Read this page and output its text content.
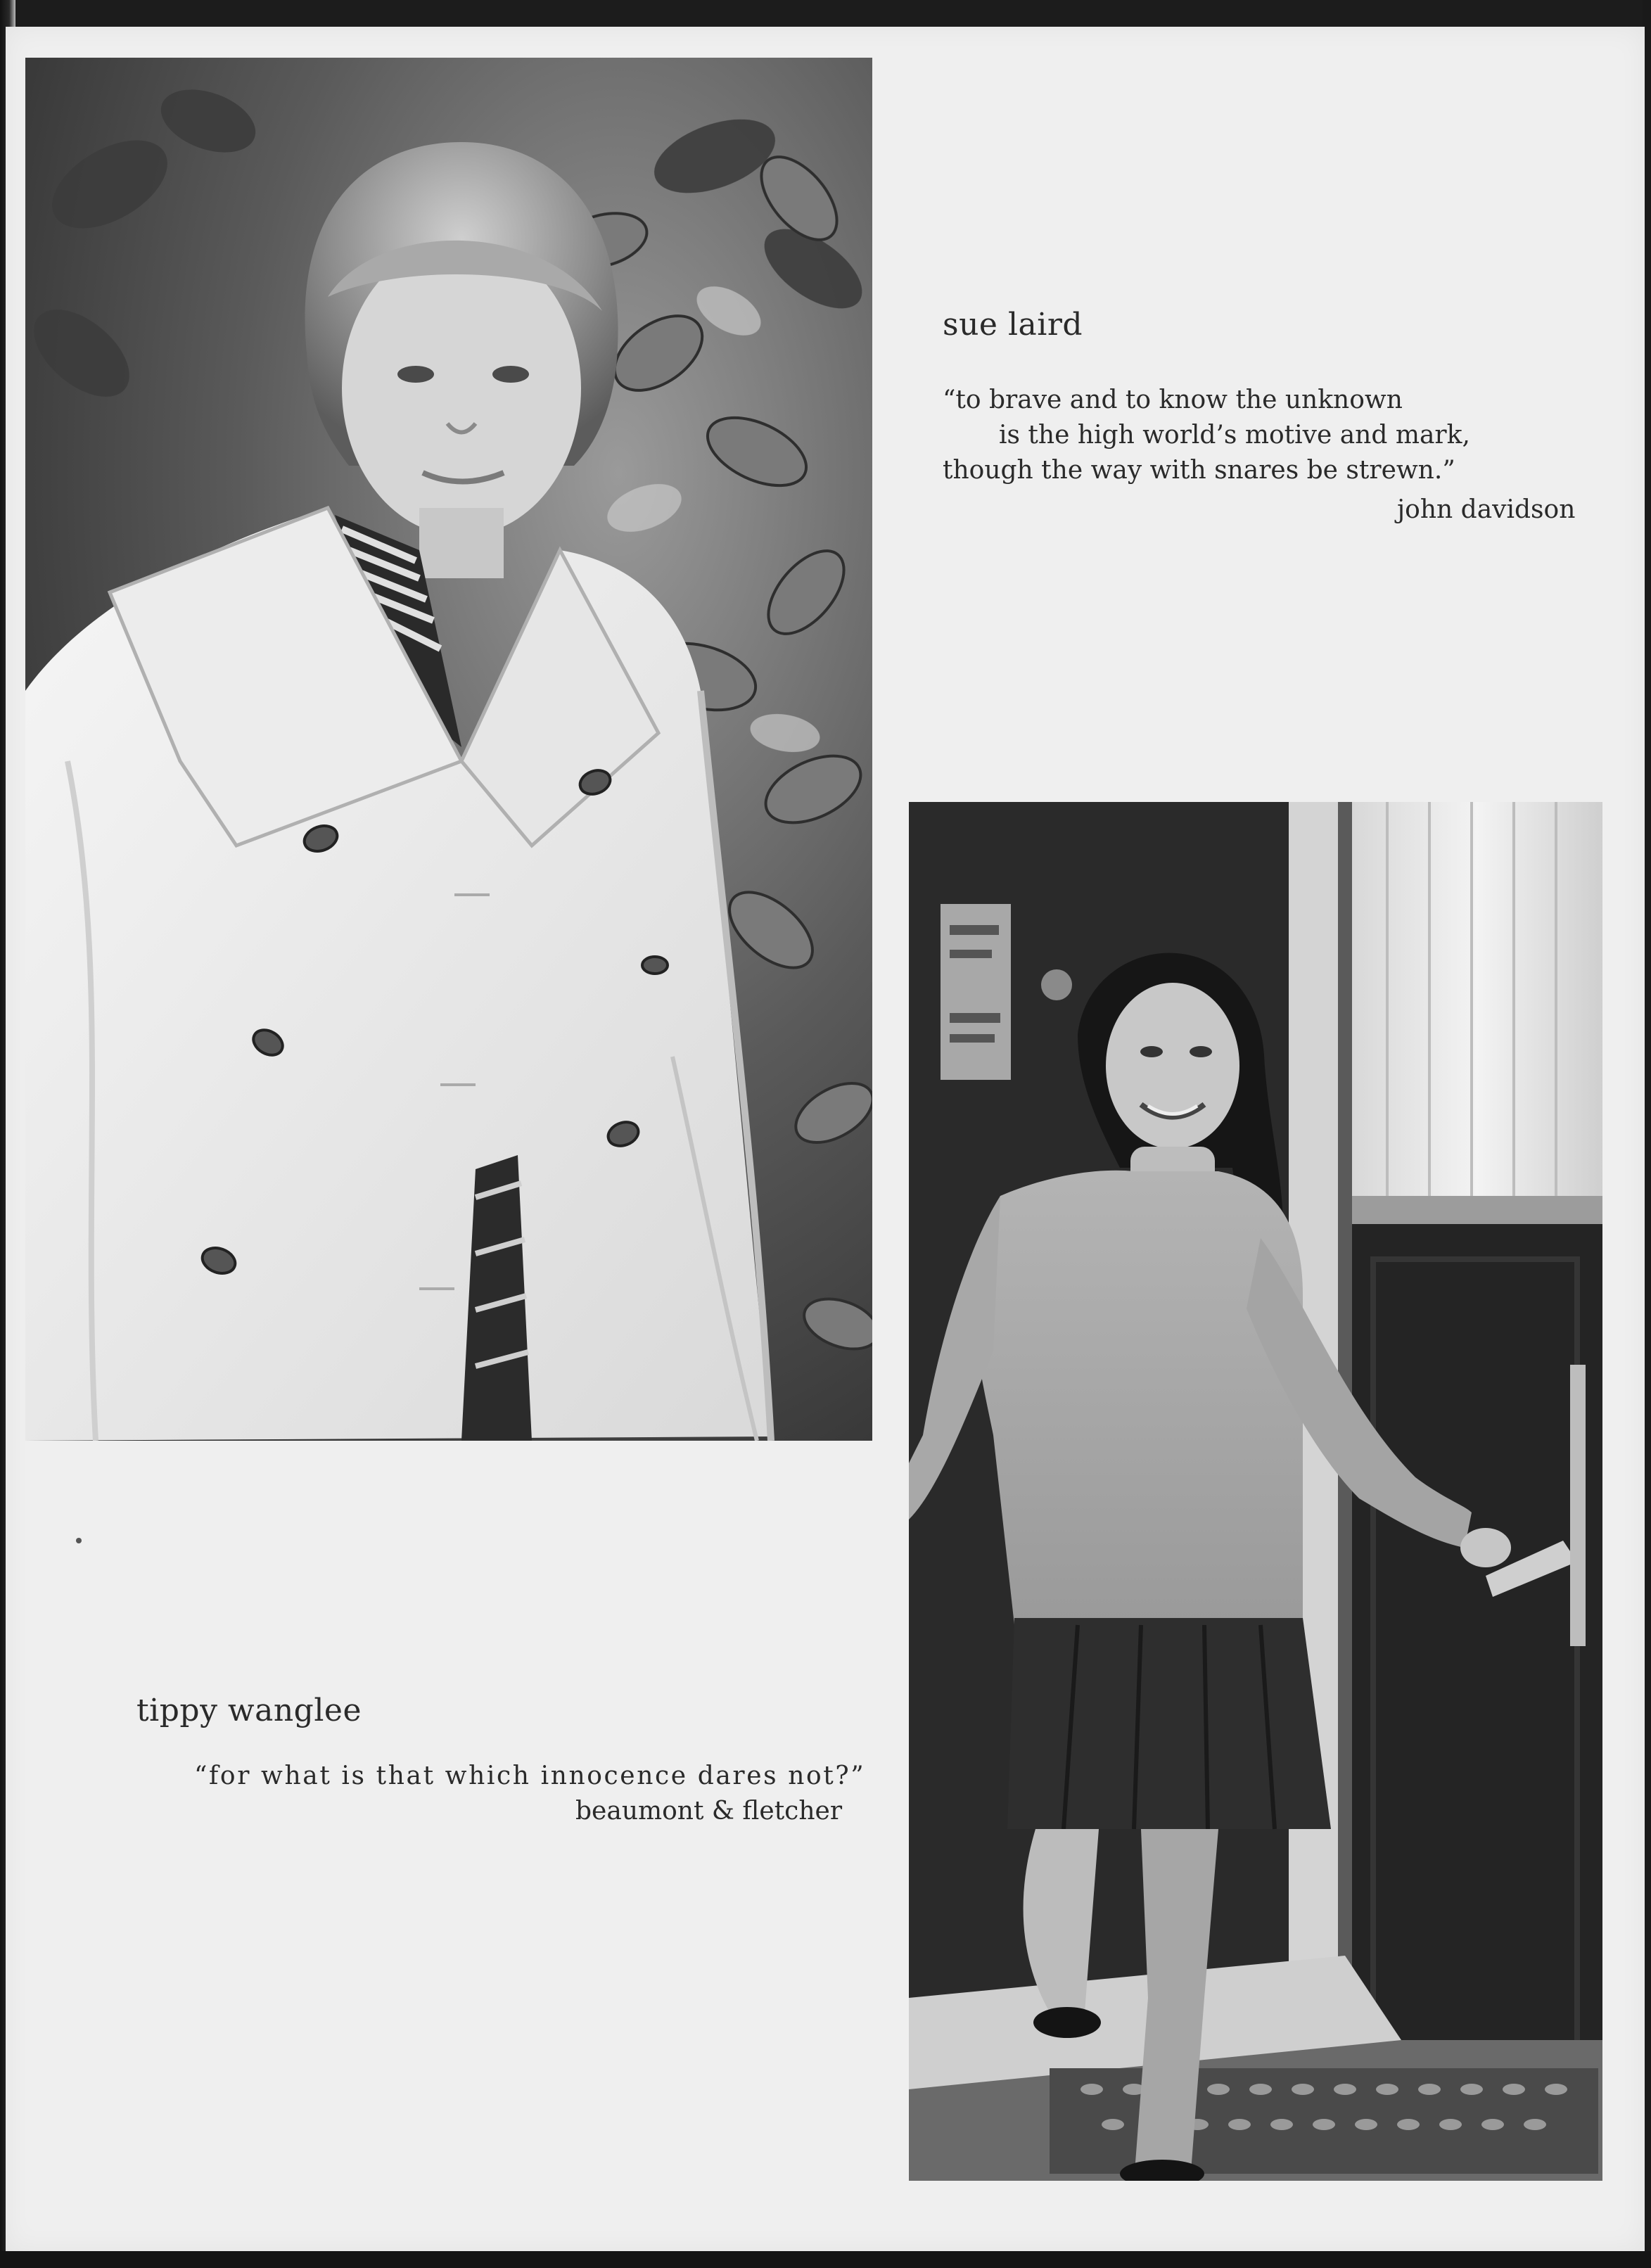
sue laird
“to brave and to know the unknown
is the high world’s motive and mark,
though the way with snares be strewn.”
john davidson
tippy wanglee
“for what is that which innocence dares not?”
beaumont & fletcher
